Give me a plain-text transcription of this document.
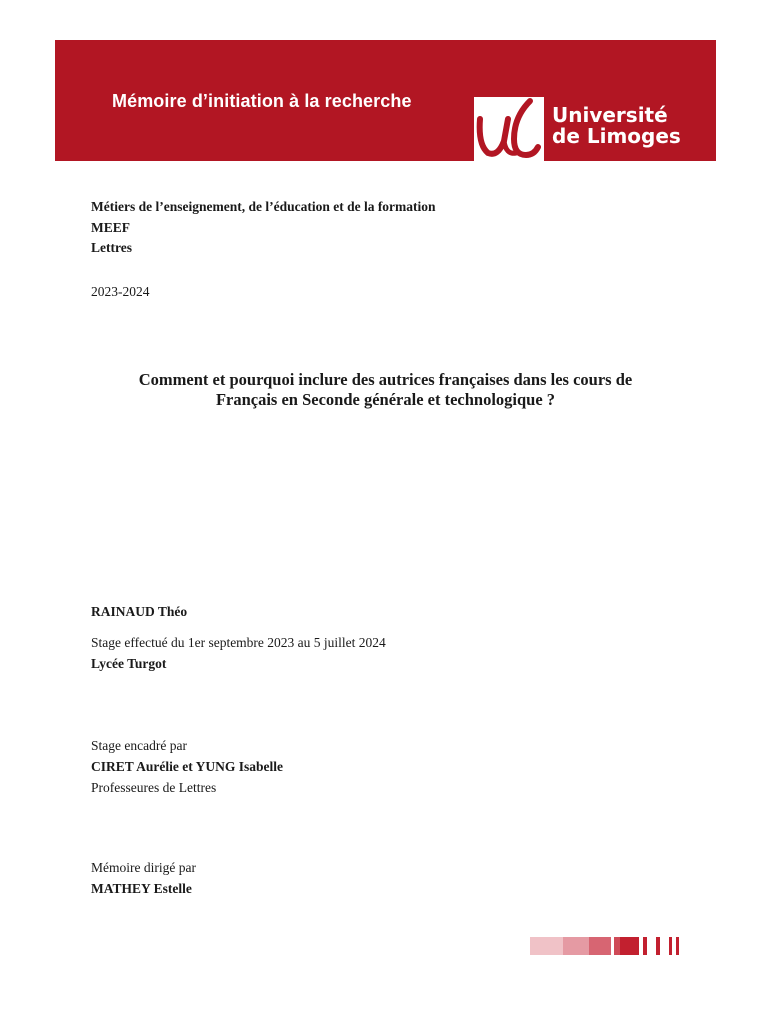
Mémoire d’initiation à la recherche
Université
de Limoges
Métiers de l’enseignement, de l’éducation et de la formation
MEEF
Lettres
2023-2024
Comment et pourquoi inclure des autrices françaises dans les cours de
Français en Seconde générale et technologique ?
RAINAUD Théo
Stage effectué du 1er septembre 2023 au 5 juillet 2024
Lycée Turgot
Stage encadré par
CIRET Aurélie et YUNG Isabelle
Professeures de Lettres
Mémoire dirigé par
MATHEY Estelle
